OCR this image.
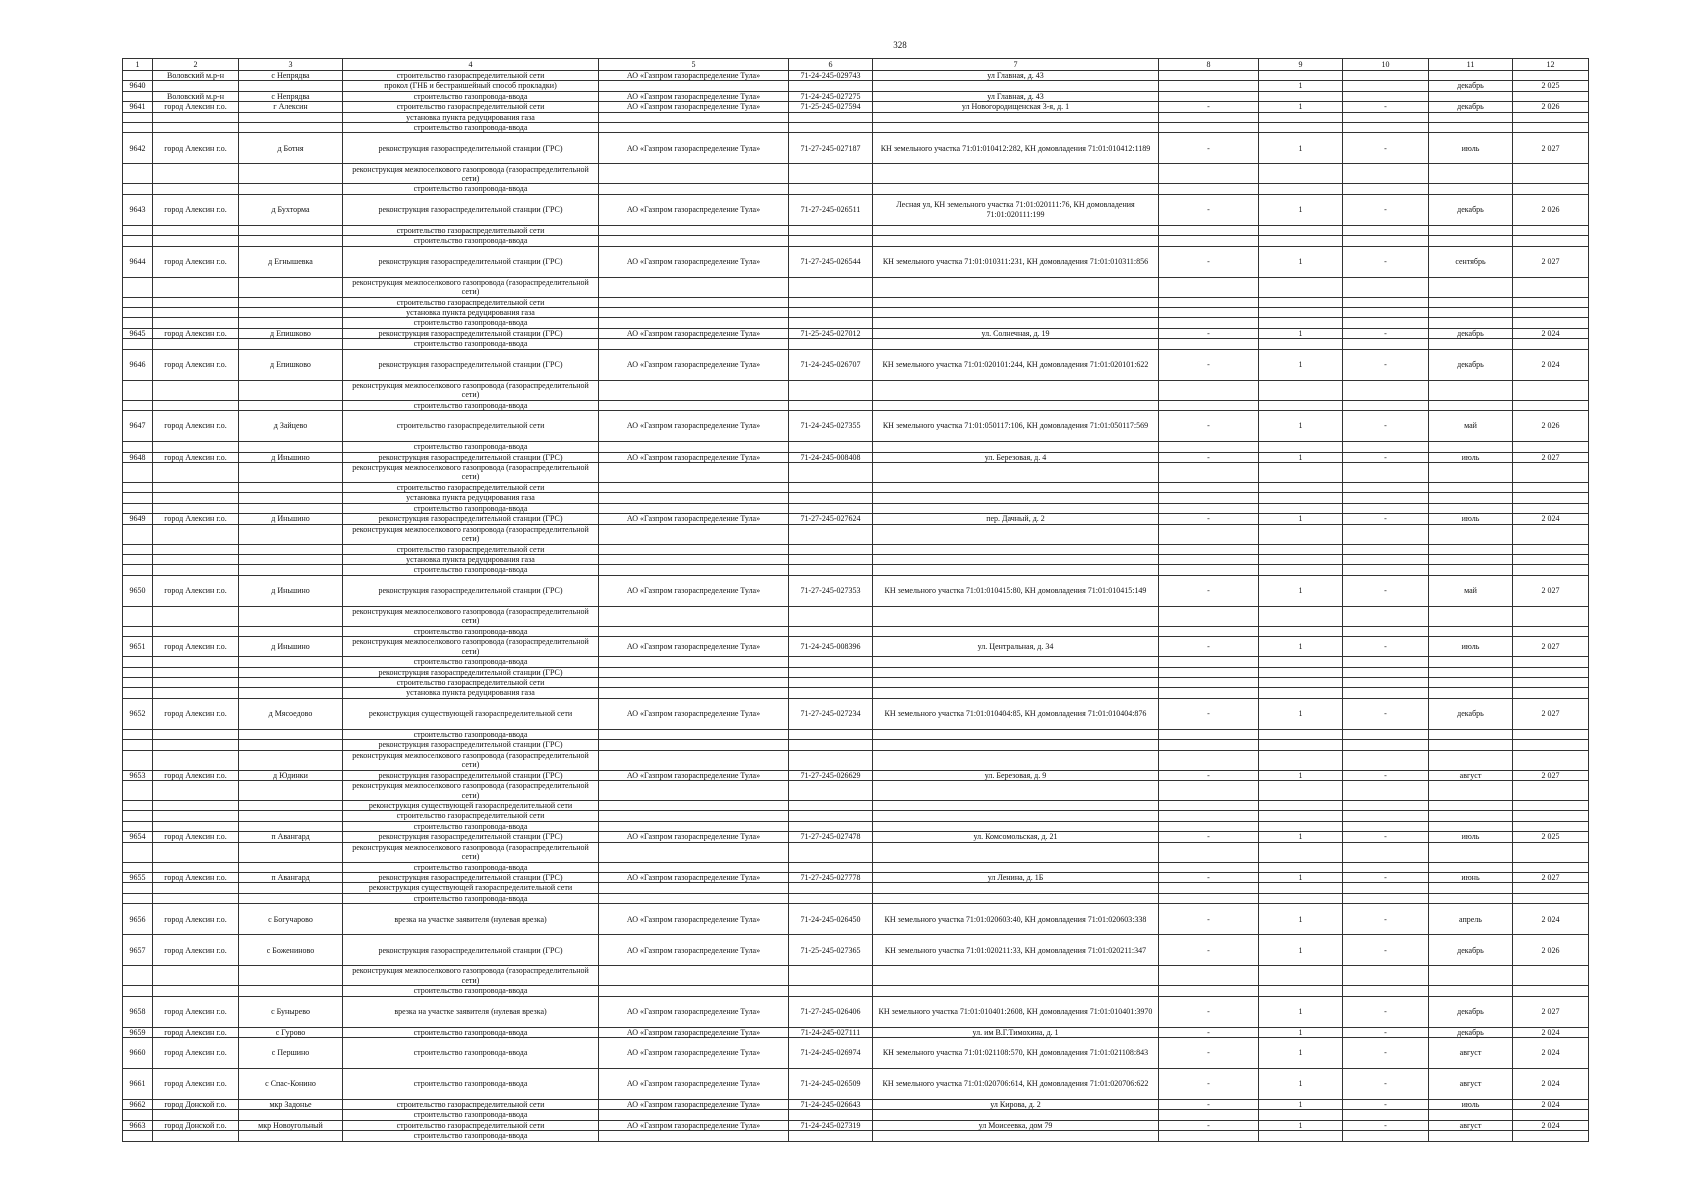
328
1	2	3	4	5	6	7	8	9	10	11	12
	Воловский м.р-н	с Непрядва	строительство газораспределительной сети	АО «Газпром газораспределение Тула»	71-24-245-029743	ул Главная, д. 43					
9640			прокол (ГНБ и бестраншейный способ прокладки)					1		декабрь	2 025
	Воловский м.р-н	с Непрядва	строительство газопровода-ввода	АО «Газпром газораспределение Тула»	71-24-245-027275	ул Главная, д. 43					
9641	город Алексин г.о.	г Алексин	строительство газораспределительной сети	АО «Газпром газораспределение Тула»	71-25-245-027594	ул Новогородищенская 3-я, д. 1	-	1	-	декабрь	2 026
			установка пункта редуцирования газа								
			строительство газопровода-ввода								
9642	город Алексин г.о.	д Ботня	реконструкция газораспределительной станции (ГРС)	АО «Газпром газораспределение Тула»	71-27-245-027187	КН земельного участка 71:01:010412:282, КН домовладения 71:01:010412:1189	-	1	-	июль	2 027
			реконструкция межпоселкового газопровода (газораспределительной сети)								
			строительство газопровода-ввода								
9643	город Алексин г.о.	д Бухторма	реконструкция газораспределительной станции (ГРС)	АО «Газпром газораспределение Тула»	71-27-245-026511	Лесная ул, КН земельного участка 71:01:020111:76, КН домовладения 71:01:020111:199	-	1	-	декабрь	2 026
			строительство газораспределительной сети								
			строительство газопровода-ввода								
9644	город Алексин г.о.	д Егнышевка	реконструкция газораспределительной станции (ГРС)	АО «Газпром газораспределение Тула»	71-27-245-026544	КН земельного участка 71:01:010311:231, КН домовладения 71:01:010311:856	-	1	-	сентябрь	2 027
			реконструкция межпоселкового газопровода (газораспределительной сети)								
			строительство газораспределительной сети								
			установка пункта редуцирования газа								
			строительство газопровода-ввода								
9645	город Алексин г.о.	д Епишково	реконструкция газораспределительной станции (ГРС)	АО «Газпром газораспределение Тула»	71-25-245-027012	ул. Солнечная, д. 19	-	1	-	декабрь	2 024
			строительство газопровода-ввода								
9646	город Алексин г.о.	д Епишково	реконструкция газораспределительной станции (ГРС)	АО «Газпром газораспределение Тула»	71-24-245-026707	КН земельного участка 71:01:020101:244, КН домовладения 71:01:020101:622	-	1	-	декабрь	2 024
			реконструкция межпоселкового газопровода (газораспределительной сети)								
			строительство газопровода-ввода								
9647	город Алексин г.о.	д Зайцево	строительство газораспределительной сети	АО «Газпром газораспределение Тула»	71-24-245-027355	КН земельного участка 71:01:050117:106, КН домовладения 71:01:050117:569	-	1	-	май	2 026
			строительство газопровода-ввода								
9648	город Алексин г.о.	д Иньшино	реконструкция газораспределительной станции (ГРС)	АО «Газпром газораспределение Тула»	71-24-245-008408	ул. Березовая, д. 4	-	1	-	июль	2 027
			реконструкция межпоселкового газопровода (газораспределительной сети)								
			строительство газораспределительной сети								
			установка пункта редуцирования газа								
			строительство газопровода-ввода								
9649	город Алексин г.о.	д Иньшино	реконструкция газораспределительной станции (ГРС)	АО «Газпром газораспределение Тула»	71-27-245-027624	пер. Дачный, д. 2	-	1	-	июль	2 024
			реконструкция межпоселкового газопровода (газораспределительной сети)								
			строительство газораспределительной сети								
			установка пункта редуцирования газа								
			строительство газопровода-ввода								
9650	город Алексин г.о.	д Иньшино	реконструкция газораспределительной станции (ГРС)	АО «Газпром газораспределение Тула»	71-27-245-027353	КН земельного участка 71:01:010415:80, КН домовладения 71:01:010415:149	-	1	-	май	2 027
			реконструкция межпоселкового газопровода (газораспределительной сети)								
			строительство газопровода-ввода								
9651	город Алексин г.о.	д Иньшино	реконструкция межпоселкового газопровода (газораспределительной сети)	АО «Газпром газораспределение Тула»	71-24-245-008396	ул. Центральная, д. 34	-	1	-	июль	2 027
			строительство газопровода-ввода								
			реконструкция газораспределительной станции (ГРС)								
			строительство газораспределительной сети								
			установка пункта редуцирования газа								
9652	город Алексин г.о.	д Мясоедово	реконструкция существующей газораспределительной сети	АО «Газпром газораспределение Тула»	71-27-245-027234	КН земельного участка 71:01:010404:85, КН домовладения 71:01:010404:876	-	1	-	декабрь	2 027
			строительство газопровода-ввода								
			реконструкция газораспределительной станции (ГРС)								
			реконструкция межпоселкового газопровода (газораспределительной сети)								
9653	город Алексин г.о.	д Юдинки	реконструкция газораспределительной станции (ГРС)	АО «Газпром газораспределение Тула»	71-27-245-026629	ул. Березовая, д. 9	-	1	-	август	2 027
			реконструкция межпоселкового газопровода (газораспределительной сети)								
			реконструкция существующей газораспределительной сети								
			строительство газораспределительной сети								
			строительство газопровода-ввода								
9654	город Алексин г.о.	п Авангард	реконструкция газораспределительной станции (ГРС)	АО «Газпром газораспределение Тула»	71-27-245-027478	ул. Комсомольская, д. 21	-	1	-	июль	2 025
			реконструкция межпоселкового газопровода (газораспределительной сети)								
			строительство газопровода-ввода								
9655	город Алексин г.о.	п Авангард	реконструкция газораспределительной станции (ГРС)	АО «Газпром газораспределение Тула»	71-27-245-027778	ул Ленина, д. 1Б	-	1	-	июнь	2 027
			реконструкция существующей газораспределительной сети								
			строительство газопровода-ввода								
9656	город Алексин г.о.	с Богучарово	врезка на участке заявителя (нулевая врезка)	АО «Газпром газораспределение Тула»	71-24-245-026450	КН земельного участка 71:01:020603:40, КН домовладения 71:01:020603:338	-	1	-	апрель	2 024
9657	город Алексин г.о.	с Божениново	реконструкция газораспределительной станции (ГРС)	АО «Газпром газораспределение Тула»	71-25-245-027365	КН земельного участка 71:01:020211:33, КН домовладения 71:01:020211:347	-	1	-	декабрь	2 026
			реконструкция межпоселкового газопровода (газораспределительной сети)								
			строительство газопровода-ввода								
9658	город Алексин г.о.	с Бунырево	врезка на участке заявителя (нулевая врезка)	АО «Газпром газораспределение Тула»	71-27-245-026406	КН земельного участка 71:01:010401:2608, КН домовладения 71:01:010401:3970	-	1	-	декабрь	2 027
9659	город Алексин г.о.	с Гурово	строительство газопровода-ввода	АО «Газпром газораспределение Тула»	71-24-245-027111	ул. им В.Г.Тимохина, д. 1	-	1	-	декабрь	2 024
9660	город Алексин г.о.	с Першино	строительство газопровода-ввода	АО «Газпром газораспределение Тула»	71-24-245-026974	КН земельного участка 71:01:021108:570, КН домовладения 71:01:021108:843	-	1	-	август	2 024
9661	город Алексин г.о.	с Спас-Конино	строительство газопровода-ввода	АО «Газпром газораспределение Тула»	71-24-245-026509	КН земельного участка 71:01:020706:614, КН домовладения 71:01:020706:622	-	1	-	август	2 024
9662	город Донской г.о.	мкр Задонье	строительство газораспределительной сети	АО «Газпром газораспределение Тула»	71-24-245-026643	ул Кирова, д. 2	-	1	-	июль	2 024
			строительство газопровода-ввода								
9663	город Донской г.о.	мкр Новоугольный	строительство газораспределительной сети	АО «Газпром газораспределение Тула»	71-24-245-027319	ул Моисеевка, дом 79	-	1	-	август	2 024
			строительство газопровода-ввода								
